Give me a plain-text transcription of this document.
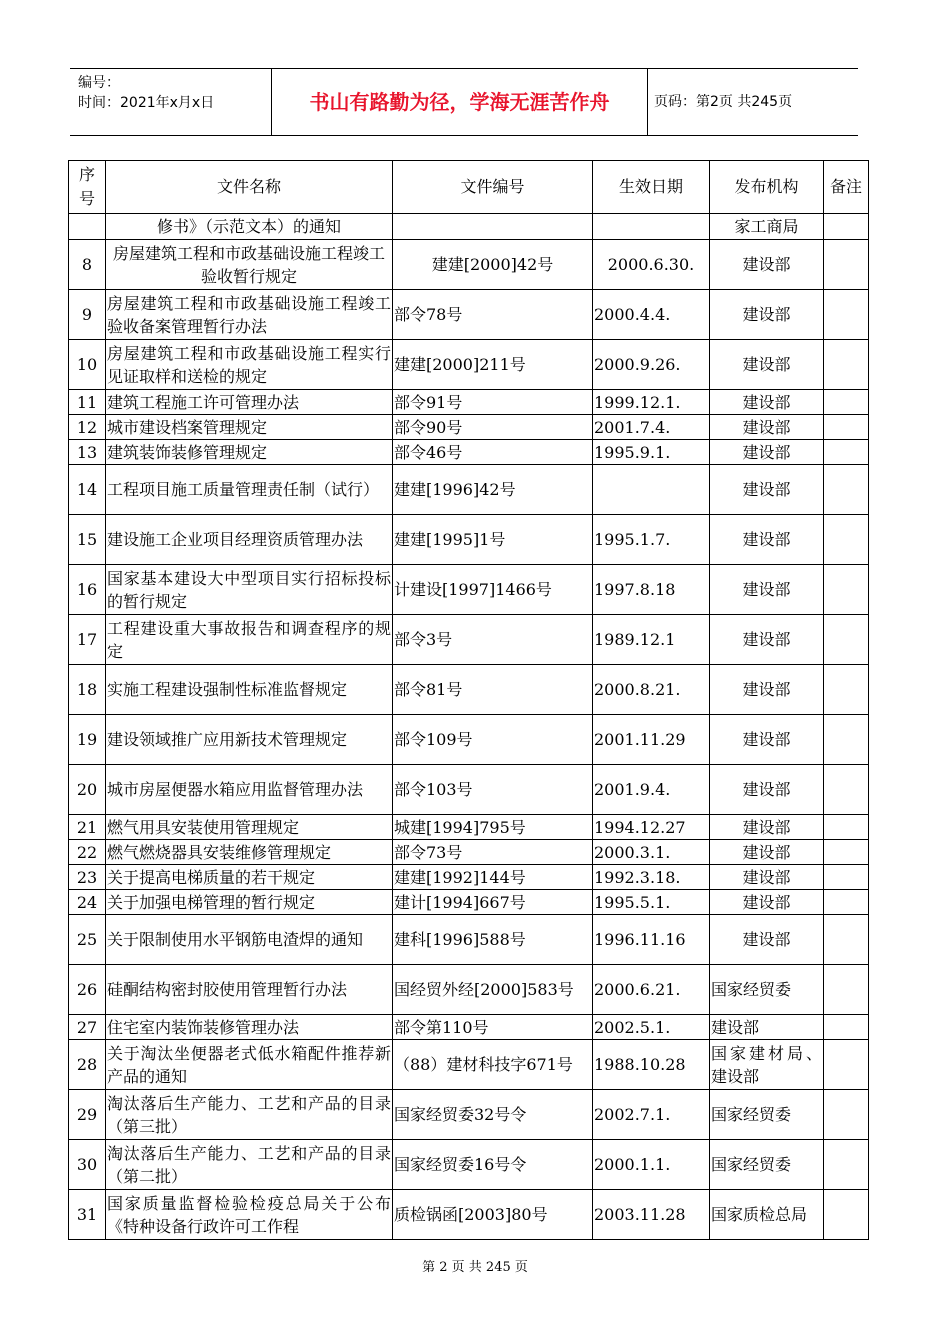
编号：
时间：2021年x月x日	书山有路勤为径，学海无涯苦作舟	页码：第2页 共245页
序号	文件名称	文件编号	生效日期	发布机构	备注
	修书》（示范文本）的通知			家工商局	
8	房屋建筑工程和市政基础设施工程竣工验收暂行规定	建建[2000]42号	2000.6.30.	建设部	
9	房屋建筑工程和市政基础设施工程竣工验收备案管理暂行办法	部令78号	2000.4.4.	建设部	
10	房屋建筑工程和市政基础设施工程实行见证取样和送检的规定	建建[2000]211号	2000.9.26.	建设部	
11	建筑工程施工许可管理办法	部令91号	1999.12.1.	建设部	
12	城市建设档案管理规定	部令90号	2001.7.4.	建设部	
13	建筑装饰装修管理规定	部令46号	1995.9.1.	建设部	
14	工程项目施工质量管理责任制（试行）	建建[1996]42号		建设部	
15	建设施工企业项目经理资质管理办法	建建[1995]1号	1995.1.7.	建设部	
16	国家基本建设大中型项目实行招标投标的暂行规定	计建设[1997]1466号	1997.8.18	建设部	
17	工程建设重大事故报告和调查程序的规定	部令3号	1989.12.1	建设部	
18	实施工程建设强制性标准监督规定	部令81号	2000.8.21.	建设部	
19	建设领域推广应用新技术管理规定	部令109号	2001.11.29	建设部	
20	城市房屋便器水箱应用监督管理办法	部令103号	2001.9.4.	建设部	
21	燃气用具安装使用管理规定	城建[1994]795号	1994.12.27	建设部	
22	燃气燃烧器具安装维修管理规定	部令73号	2000.3.1.	建设部	
23	关于提高电梯质量的若干规定	建建[1992]144号	1992.3.18.	建设部	
24	关于加强电梯管理的暂行规定	建计[1994]667号	1995.5.1.	建设部	
25	关于限制使用水平钢筋电渣焊的通知	建科[1996]588号	1996.11.16	建设部	
26	硅酮结构密封胶使用管理暂行办法	国经贸外经[2000]583号	2000.6.21.	国家经贸委	
27	住宅室内装饰装修管理办法	部令第110号	2002.5.1.	建设部	
28	关于淘汰坐便器老式低水箱配件推荐新产品的通知	（88）建材科技字671号	1988.10.28	国家建材局、建设部	
29	淘汰落后生产能力、工艺和产品的目录（第三批）	国家经贸委32号令	2002.7.1.	国家经贸委	
30	淘汰落后生产能力、工艺和产品的目录（第二批）	国家经贸委16号令	2000.1.1.	国家经贸委	
31	国家质量监督检验检疫总局关于公布《特种设备行政许可工作程	质检锅函[2003]80号	2003.11.28	国家质检总局	
第 2 页 共 245 页
